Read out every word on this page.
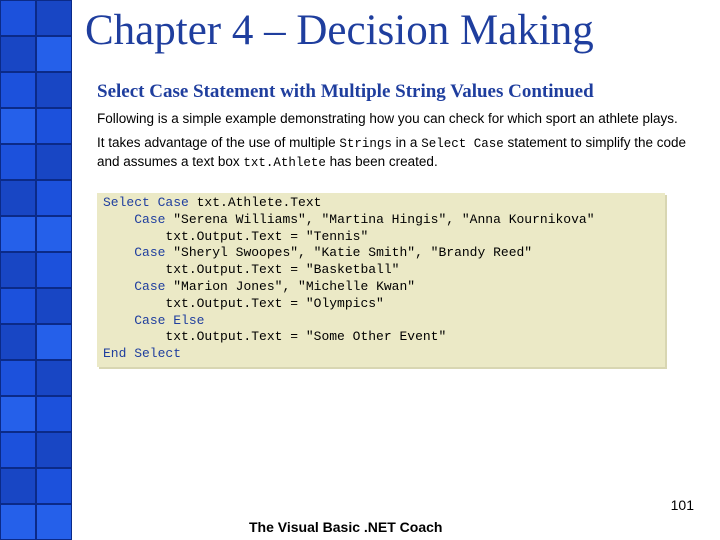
Chapter 4 – Decision Making
Select Case Statement with Multiple String Values Continued
Following is a simple example demonstrating how you can check for which sport an athlete plays.
It takes advantage of the use of multiple Strings in a Select Case statement to simplify the code and assumes a text box txt.Athlete has been created.
Select Case txt.Athlete.Text
Case "Serena Williams", "Martina Hingis", "Anna Kournikova"
txt.Output.Text = "Tennis"
Case "Sheryl Swoopes", "Katie Smith", "Brandy Reed"
txt.Output.Text = "Basketball"
Case "Marion Jones", "Michelle Kwan"
txt.Output.Text = "Olympics"
Case Else
txt.Output.Text = "Some Other Event"
End Select
101
The Visual Basic .NET Coach
